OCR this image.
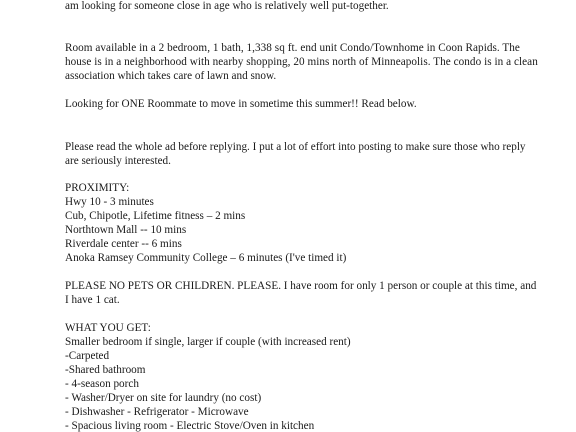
am looking for someone close in age who is relatively well put-together.
Room available in a 2 bedroom, 1 bath, 1,338 sq ft. end unit Condo/Townhome in Coon Rapids. The
house is in a neighborhood with nearby shopping, 20 mins north of Minneapolis. The condo is in a clean
association which takes care of lawn and snow.
Looking for ONE Roommate to move in sometime this summer!! Read below.
Please read the whole ad before replying. I put a lot of effort into posting to make sure those who reply
are seriously interested.
PROXIMITY:
Hwy 10 - 3 minutes
Cub, Chipotle, Lifetime fitness – 2 mins
Northtown Mall -- 10 mins
Riverdale center -- 6 mins
Anoka Ramsey Community College – 6 minutes (I've timed it)
PLEASE NO PETS OR CHILDREN. PLEASE. I have room for only 1 person or couple at this time, and
I have 1 cat.
WHAT YOU GET:
Smaller bedroom if single, larger if couple (with increased rent)
-Carpeted
-Shared bathroom
- 4-season porch
- Washer/Dryer on site for laundry (no cost)
- Dishwasher - Refrigerator - Microwave
- Spacious living room - Electric Stove/Oven in kitchen
